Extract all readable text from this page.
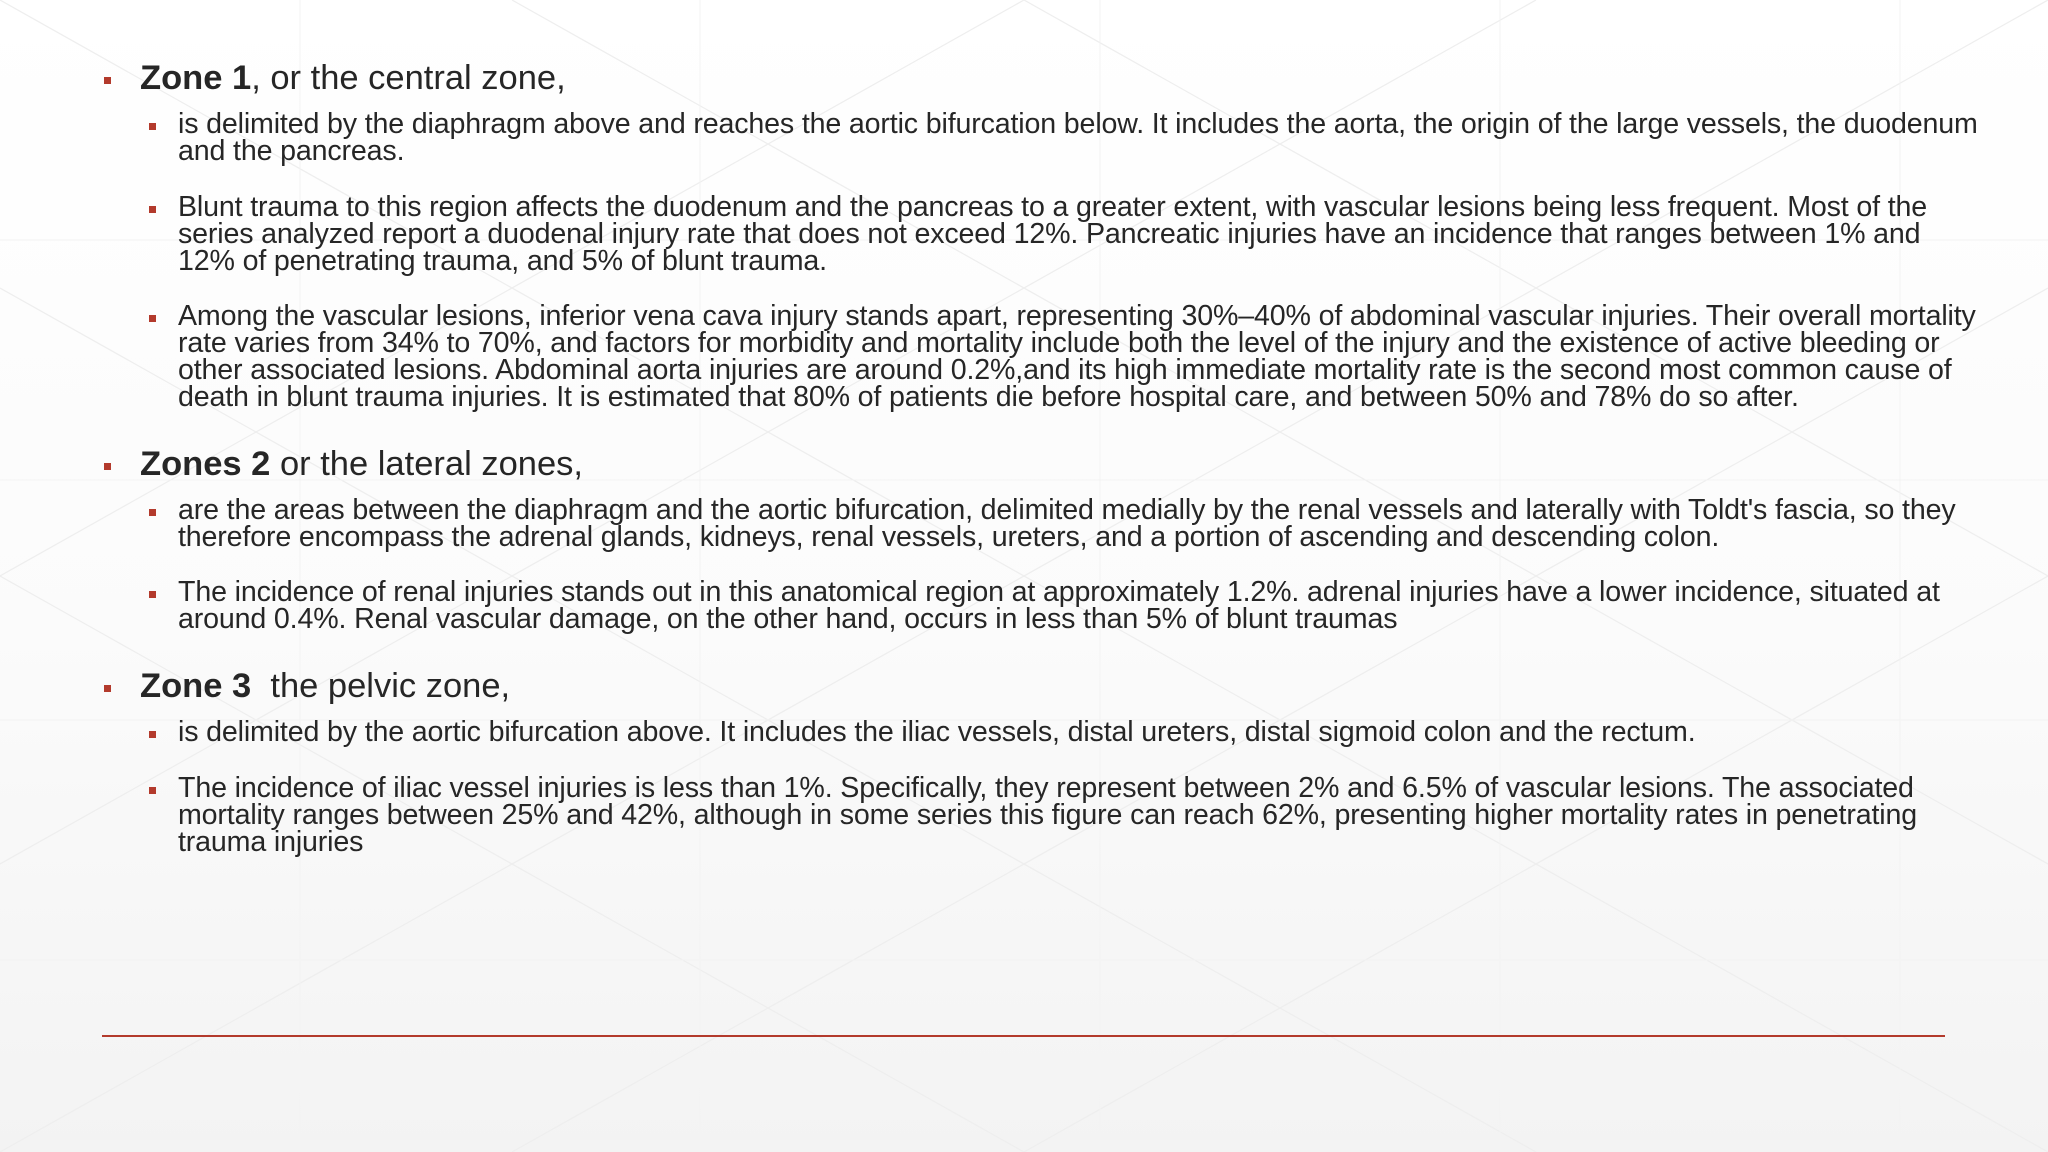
Zone 1, or the central zone,

is delimited by the diaphragm above and reaches the aortic bifurcation below. It includes the aorta, the origin of the large vessels, the duodenum and the pancreas.

Blunt trauma to this region affects the duodenum and the pancreas to a greater extent, with vascular lesions being less frequent. Most of the series analyzed report a duodenal injury rate that does not exceed 12%. Pancreatic injuries have an incidence that ranges between 1% and 12% of penetrating trauma, and 5% of blunt trauma.

Among the vascular lesions, inferior vena cava injury stands apart, representing 30%–40% of abdominal vascular injuries. Their overall mortality rate varies from 34% to 70%, and factors for morbidity and mortality include both the level of the injury and the existence of active bleeding or other associated lesions. Abdominal aorta injuries are around 0.2%,and its high immediate mortality rate is the second most common cause of death in blunt trauma injuries. It is estimated that 80% of patients die before hospital care, and between 50% and 78% do so after.

Zones 2 or the lateral zones,

are the areas between the diaphragm and the aortic bifurcation, delimited medially by the renal vessels and laterally with Toldt's fascia, so they therefore encompass the adrenal glands, kidneys, renal vessels, ureters, and a portion of ascending and descending colon.

The incidence of renal injuries stands out in this anatomical region at approximately 1.2%. adrenal injuries have a lower incidence, situated at around 0.4%. Renal vascular damage, on the other hand, occurs in less than 5% of blunt traumas

Zone 3  the pelvic zone,

is delimited by the aortic bifurcation above. It includes the iliac vessels, distal ureters, distal sigmoid colon and the rectum.

The incidence of iliac vessel injuries is less than 1%. Specifically, they represent between 2% and 6.5% of vascular lesions. The associated mortality ranges between 25% and 42%, although in some series this figure can reach 62%, presenting higher mortality rates in penetrating trauma injuries
